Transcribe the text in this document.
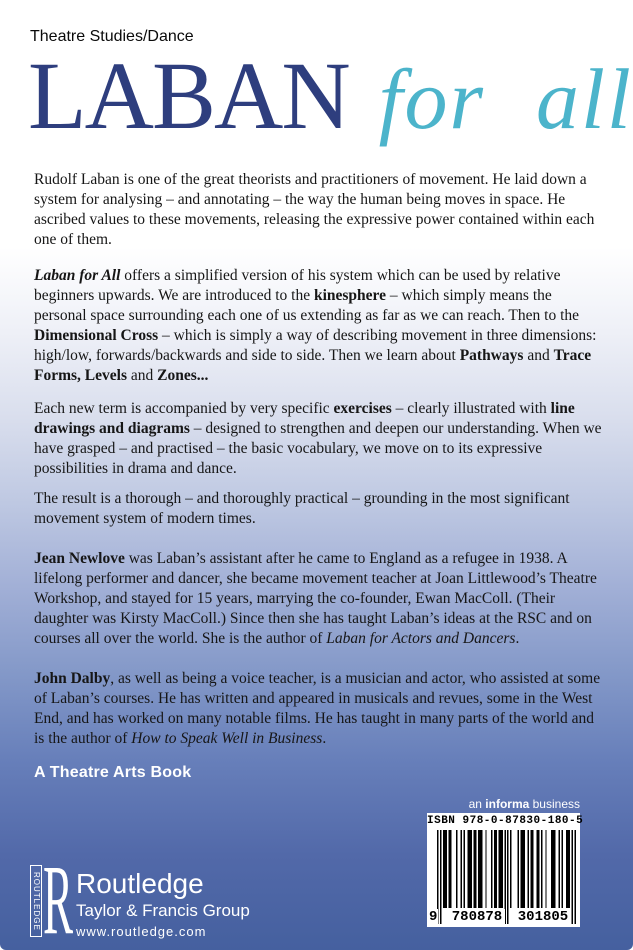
Theatre Studies/Dance
LABAN for all

Rudolf Laban is one of the great theorists and practitioners of movement. He laid down a system for analysing – and annotating – the way the human being moves in space. He ascribed values to these movements, releasing the expressive power contained within each one of them.

Laban for All offers a simplified version of his system which can be used by relative beginners upwards. We are introduced to the kinesphere – which simply means the personal space surrounding each one of us extending as far as we can reach. Then to the Dimensional Cross – which is simply a way of describing movement in three dimensions: high/low, forwards/backwards and side to side. Then we learn about Pathways and Trace Forms, Levels and Zones...

Each new term is accompanied by very specific exercises – clearly illustrated with line drawings and diagrams – designed to strengthen and deepen our understanding. When we have grasped – and practised – the basic vocabulary, we move on to its expressive possibilities in drama and dance.

The result is a thorough – and thoroughly practical – grounding in the most significant movement system of modern times.

Jean Newlove was Laban’s assistant after he came to England as a refugee in 1938. A lifelong performer and dancer, she became movement teacher at Joan Littlewood’s Theatre Workshop, and stayed for 15 years, marrying the co-founder, Ewan MacColl. (Their daughter was Kirsty MacColl.) Since then she has taught Laban’s ideas at the RSC and on courses all over the world. She is the author of Laban for Actors and Dancers.

John Dalby, as well as being a voice teacher, is a musician and actor, who assisted at some of Laban’s courses. He has written and appeared in musicals and revues, some in the West End, and has worked on many notable films. He has taught in many parts of the world and is the author of How to Speak Well in Business.

A Theatre Arts Book
an informa business
ISBN 978-0-87830-180-5
9 780878 301805
ROUTLEDGE R Routledge
Taylor & Francis Group
www.routledge.com
